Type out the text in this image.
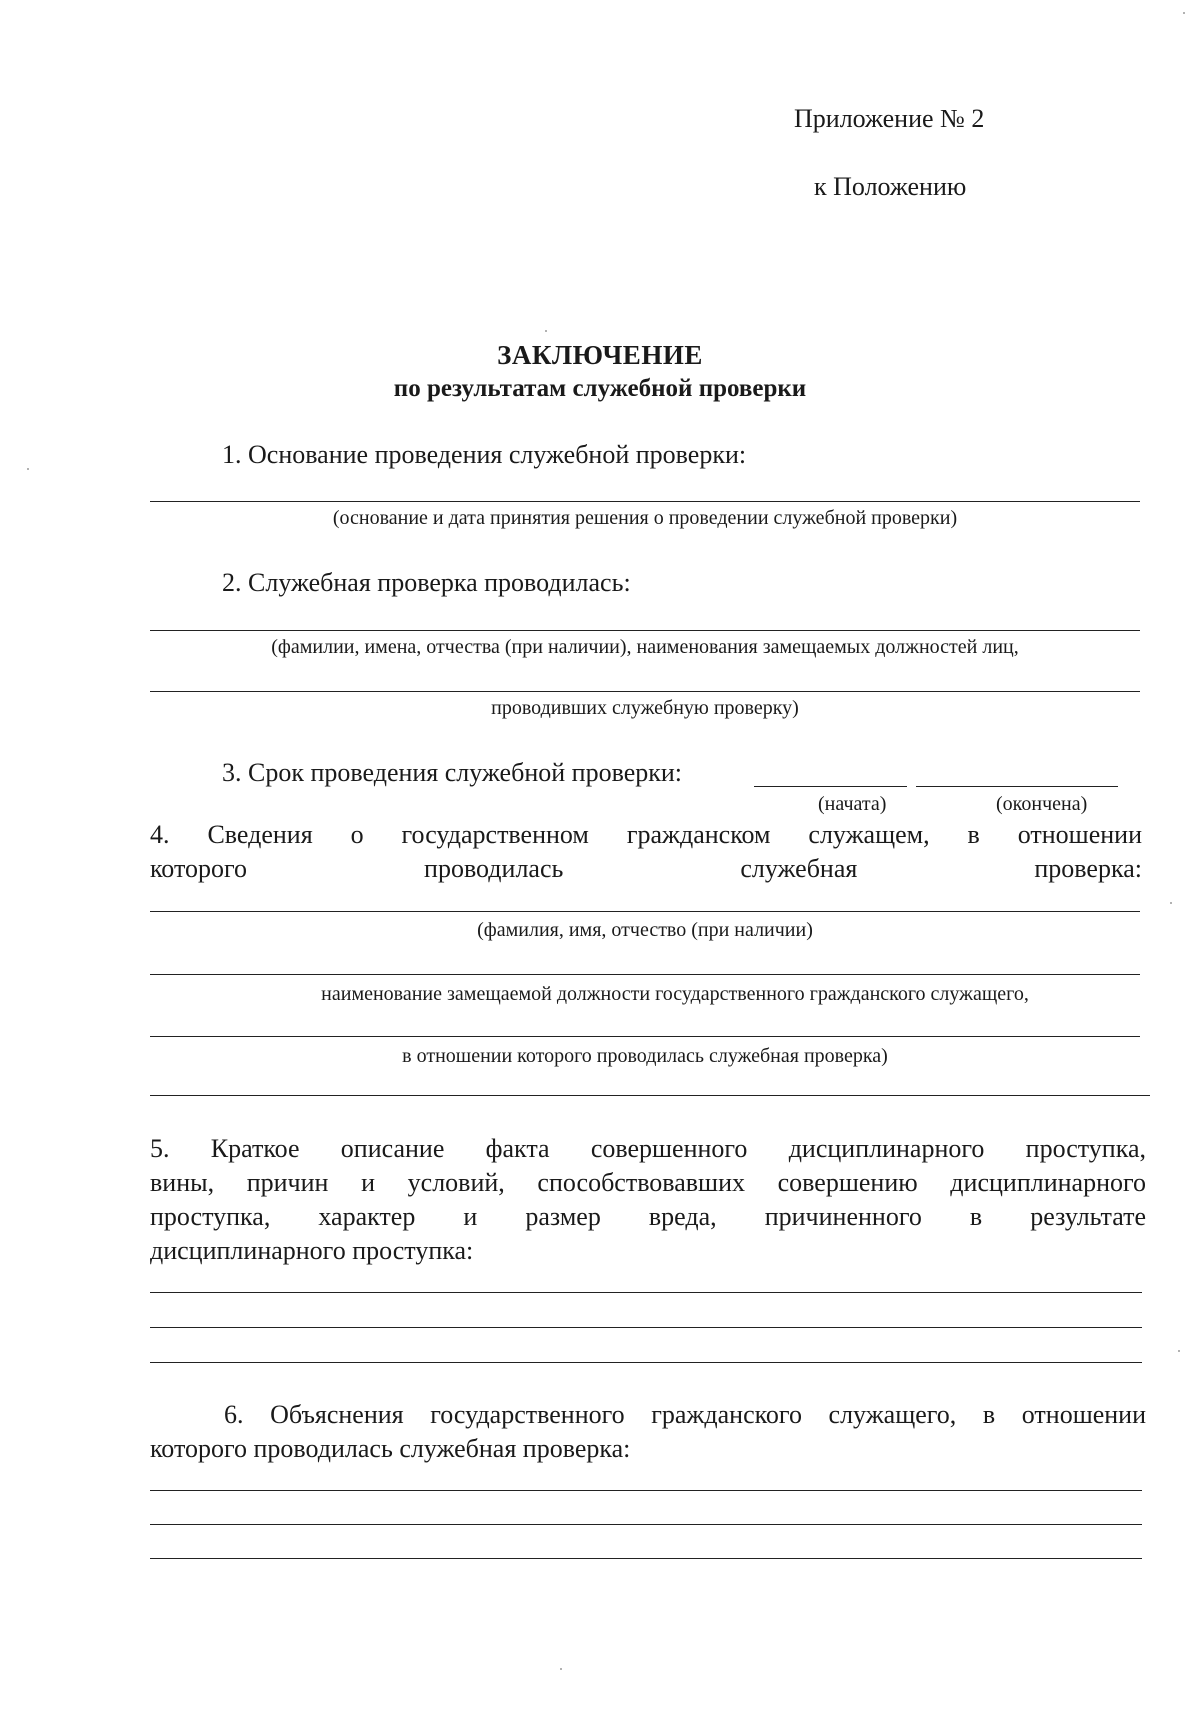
Приложение № 2
к Положению
ЗАКЛЮЧЕНИЕ
по результатам служебной проверки
1. Основание проведения служебной проверки:
(основание и дата принятия решения о проведении служебной проверки)
2. Служебная проверка проводилась:
(фамилии, имена, отчества (при наличии), наименования замещаемых должностей лиц,
проводивших служебную проверку)
3. Срок проведения служебной проверки:
(начата)	(окончена)
4. Сведения о государственном гражданском служащем, в отношении
которого	проводилась	служебная	проверка:
(фамилия, имя, отчество (при наличии)
наименование замещаемой должности государственного гражданского служащего,
в отношении которого проводилась служебная проверка)
5. Краткое описание факта совершенного дисциплинарного проступка,
вины, причин и условий, способствовавших совершению дисциплинарного
проступка, характер и размер вреда, причиненного в результате
дисциплинарного проступка:
6. Объяснения государственного гражданского служащего, в отношении
которого проводилась служебная проверка:
